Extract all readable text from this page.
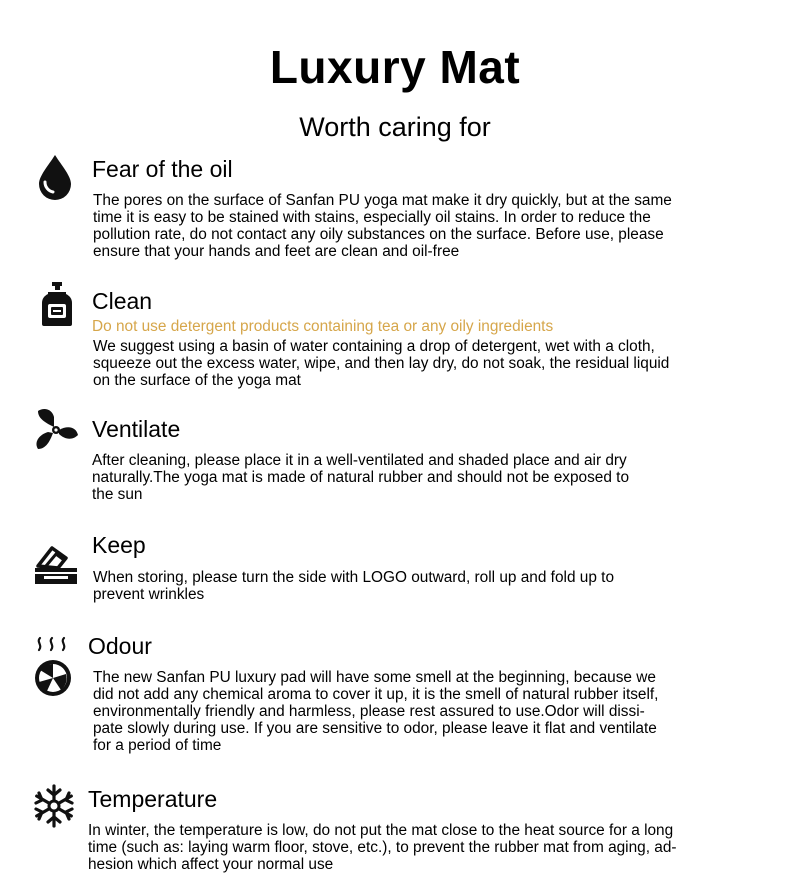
Luxury Mat
Worth caring for
Fear of the oil
The pores on the surface of Sanfan PU yoga mat make it dry quickly, but at the same
time it is easy to be stained with stains, especially oil stains. In order to reduce the
pollution rate, do not contact any oily substances on the surface. Before use, please
ensure that your hands and feet are clean and oil-free
Clean
Do not use detergent products containing tea or any oily ingredients
We suggest using a basin of water containing a drop of detergent, wet with a cloth,
squeeze out the excess water, wipe, and then lay dry, do not soak, the residual liquid
on the surface of the yoga mat
Ventilate
After cleaning, please place it in a well-ventilated and shaded place and air dry
naturally.The yoga mat is made of natural rubber and should not be exposed to
the sun
Keep
When storing, please turn the side with LOGO outward, roll up and fold up to
prevent wrinkles
Odour
The new Sanfan PU luxury pad will have some smell at the beginning, because we
did not add any chemical aroma to cover it up, it is the smell of natural rubber itself,
environmentally friendly and harmless, please rest assured to use.Odor will dissi-
pate slowly during use. If you are sensitive to odor, please leave it flat and ventilate
for a period of time
Temperature
In winter, the temperature is low, do not put the mat close to the heat source for a long
time (such as: laying warm floor, stove, etc.), to prevent the rubber mat from aging, ad-
hesion which affect your normal use
